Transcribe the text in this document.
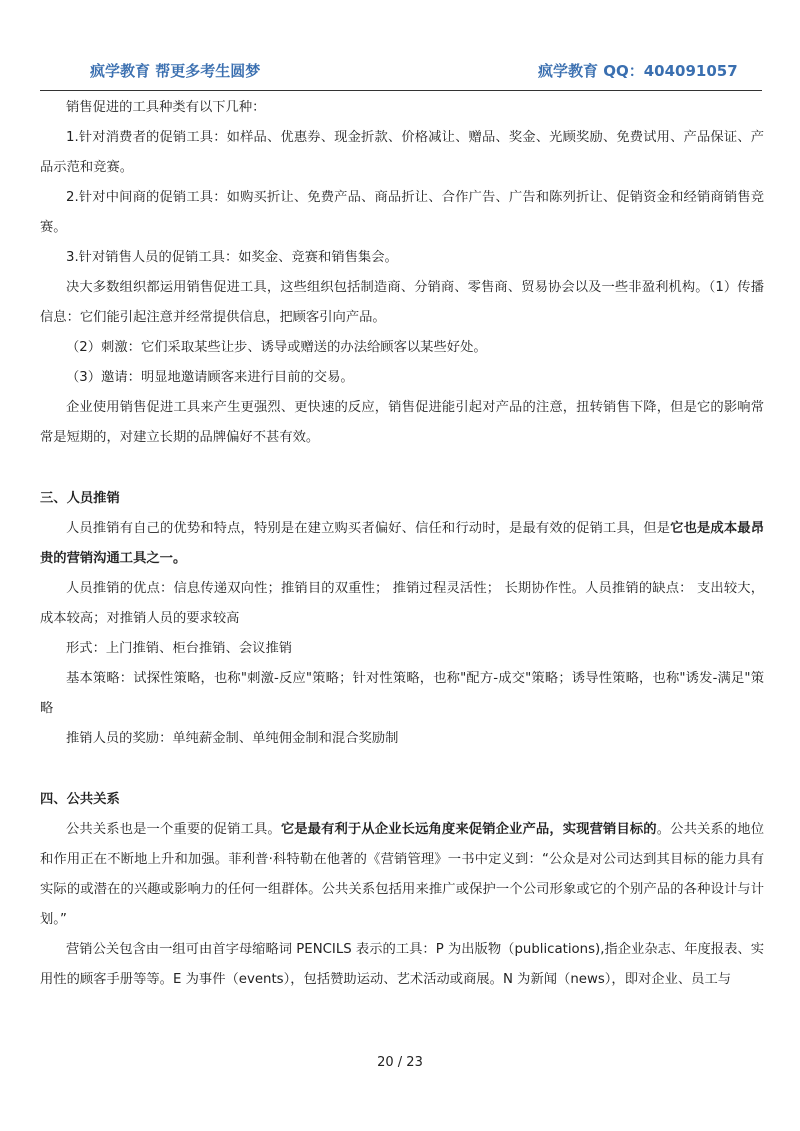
疯学教育 帮更多考生圆梦	疯学教育 QQ：404091057

销售促进的工具种类有以下几种：

1.针对消费者的促销工具：如样品、优惠券、现金折款、价格减让、赠品、奖金、光顾奖励、免费试用、产品保证、产品示范和竞赛。

2.针对中间商的促销工具：如购买折让、免费产品、商品折让、合作广告、广告和陈列折让、促销资金和经销商销售竞赛。

3.针对销售人员的促销工具：如奖金、竞赛和销售集会。

决大多数组织都运用销售促进工具，这些组织包括制造商、分销商、零售商、贸易协会以及一些非盈利机构。（1）传播信息：它们能引起注意并经常提供信息，把顾客引向产品。

（2）刺激：它们采取某些让步、诱导或赠送的办法给顾客以某些好处。

（3）邀请：明显地邀请顾客来进行目前的交易。

企业使用销售促进工具来产生更强烈、更快速的反应，销售促进能引起对产品的注意，扭转销售下降，但是它的影响常常是短期的，对建立长期的品牌偏好不甚有效。

三、人员推销

人员推销有自己的优势和特点，特别是在建立购买者偏好、信任和行动时，是最有效的促销工具，但是它也是成本最昂贵的营销沟通工具之一。

人员推销的优点：信息传递双向性；推销目的双重性； 推销过程灵活性； 长期协作性。人员推销的缺点： 支出较大，成本较高；对推销人员的要求较高

形式：上门推销、柜台推销、会议推销

基本策略：试探性策略，也称"刺激-反应"策略；针对性策略，也称"配方-成交"策略；诱导性策略，也称"诱发-满足"策略

推销人员的奖励：单纯薪金制、单纯佣金制和混合奖励制

四、公共关系

公共关系也是一个重要的促销工具。它是最有利于从企业长远角度来促销企业产品，实现营销目标的。公共关系的地位和作用正在不断地上升和加强。菲利普·科特勒在他著的《营销管理》一书中定义到：“公众是对公司达到其目标的能力具有实际的或潜在的兴趣或影响力的任何一组群体。公共关系包括用来推广或保护一个公司形象或它的个别产品的各种设计与计划。”

营销公关包含由一组可由首字母缩略词 PENCILS 表示的工具：P 为出版物（publications),指企业杂志、年度报表、实用性的顾客手册等等。E 为事件（events），包括赞助运动、艺术活动或商展。N 为新闻（news），即对企业、员工与

20 / 23
